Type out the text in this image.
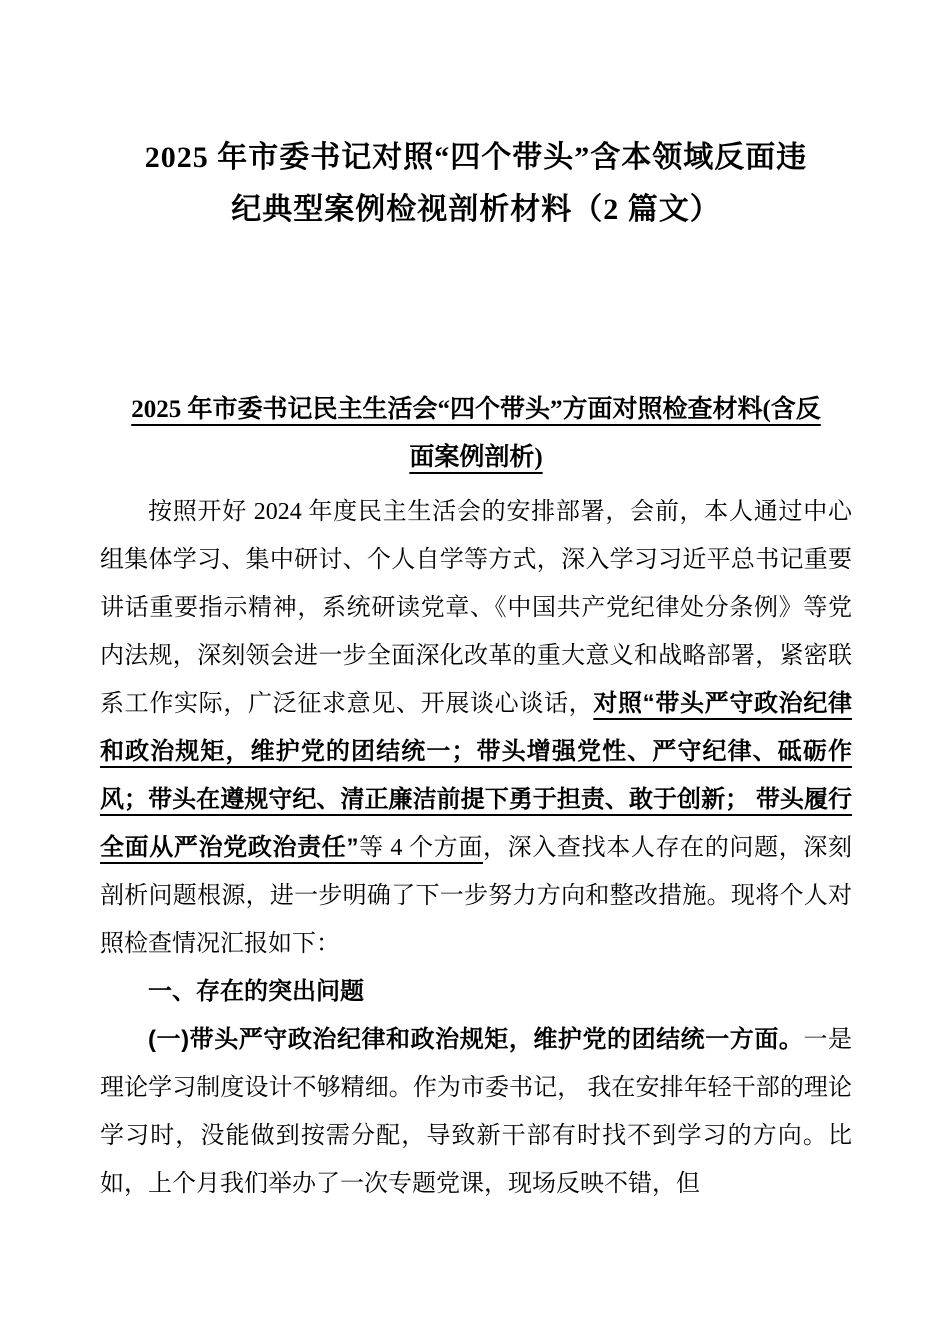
2025 年市委书记对照“四个带头”含本领域反面违
纪典型案例检视剖析材料（2 篇文）
2025 年市委书记民主生活会“四个带头”方面对照检查材料(含反
面案例剖析)

按照开好 2024 年度民主生活会的安排部署，会前，本人通过中心组集体学习、集中研讨、个人自学等方式，深入学习习近平总书记重要讲话重要指示精神，系统研读党章、《中国共产党纪律处分条例》等党内法规，深刻领会进一步全面深化改革的重大意义和战略部署，紧密联系工作实际，广泛征求意见、开展谈心谈话，对照“带头严守政治纪律和政治规矩，维护党的团结统一；带头增强党性、严守纪律、砥砺作风；带头在遵规守纪、清正廉洁前提下勇于担责、敢于创新； 带头履行全面从严治党政治责任”等 4 个方面，深入查找本人存在的问题，深刻剖析问题根源，进一步明确了下一步努力方向和整改措施。现将个人对照检查情况汇报如下：

一、存在的突出问题

(一)带头严守政治纪律和政治规矩，维护党的团结统一方面。一是理论学习制度设计不够精细。作为市委书记， 我在安排年轻干部的理论学习时，没能做到按需分配，导致新干部有时找不到学习的方向。比如，上个月我们举办了一次专题党课，现场反映不错，但
